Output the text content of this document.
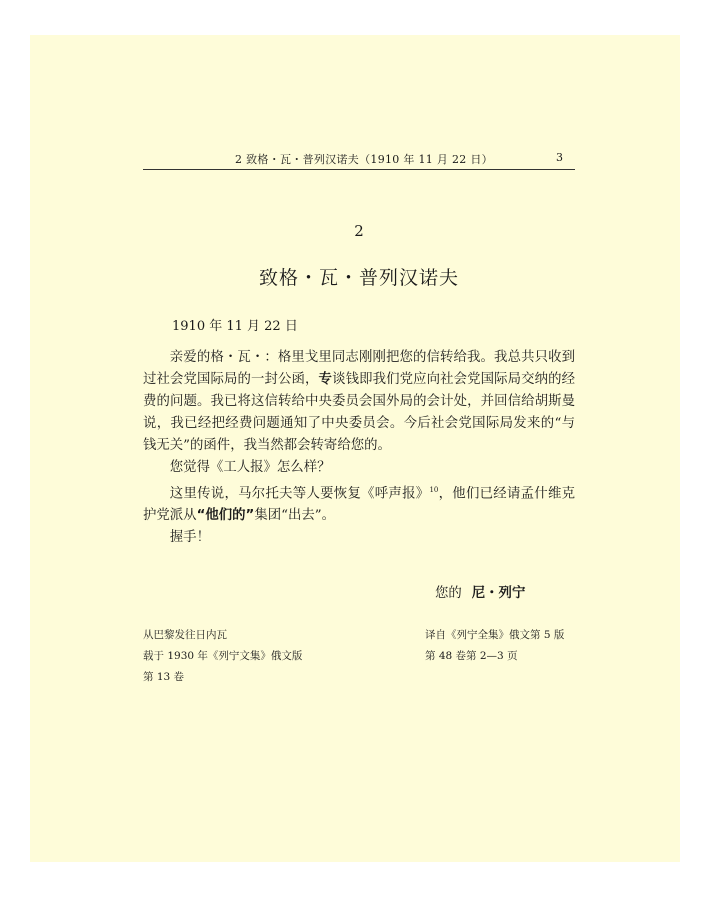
2 致格・瓦・普列汉诺夫（1910 年 11 月 22 日）	3
2
致格・瓦・普列汉诺夫
1910 年 11 月 22 日

亲爱的格・瓦・：格里戈里同志刚刚把您的信转给我。我总共只收到过社会党国际局的一封公函，专谈钱即我们党应向社会党国际局交纳的经费的问题。我已将这信转给中央委员会国外局的会计处，并回信给胡斯曼说，我已经把经费问题通知了中央委员会。今后社会党国际局发来的“与钱无关”的函件，我当然都会转寄给您的。

您觉得《工人报》怎么样？

这里传说，马尔托夫等人要恢复《呼声报》$^{10}$，他们已经请孟什维克护党派从“他们的”集团“出去”。

握手！

您的 尼・列宁
从巴黎发往日内瓦
载于 1930 年《列宁文集》俄文版
第 13 卷
译自《列宁全集》俄文第 5 版
第 48 卷第 2—3 页
